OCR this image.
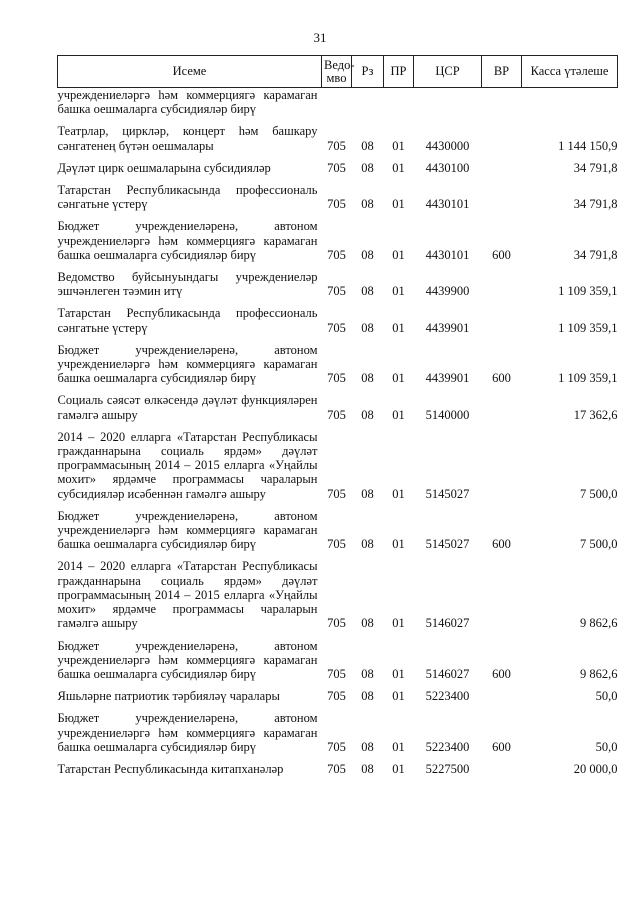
31
Исеме	Ведо-мво	Рз	ПР	ЦСР	ВР	Касса үтәлеше
учреждениеләргә һәм коммерциягә карамаган башка оешмаларга субсидияләр бирү						
Театрлар, циркләр, концерт һәм башкару сәнгатенең бүтән оешмалары	705	08	01	4430000		1 144 150,9
Дәүләт цирк оешмаларына субсидияләр	705	08	01	4430100		34 791,8
Татарстан Республикасында профессиональ сәнгатьне үстерү	705	08	01	4430101		34 791,8
Бюджет учреждениеләренә, автоном учреждениеләргә һәм коммерциягә карамаган башка оешмаларга субсидияләр бирү	705	08	01	4430101	600	34 791,8
Ведомство буйсынуындагы учреждениеләр эшчәнлеген тәэмин итү	705	08	01	4439900		1 109 359,1
Татарстан Республикасында профессиональ сәнгатьне үстерү	705	08	01	4439901		1 109 359,1
Бюджет учреждениеләренә, автоном учреждениеләргә һәм коммерциягә карамаган башка оешмаларга субсидияләр бирү	705	08	01	4439901	600	1 109 359,1
Социаль сәясәт өлкәсендә дәүләт функцияләрен гамәлгә ашыру	705	08	01	5140000		17 362,6
2014 – 2020 елларга «Татарстан Республикасы гражданнарына социаль ярдәм» дәүләт программасының 2014 – 2015 елларга «Уңайлы мохит» ярдәмче программасы чараларын субсидияләр исәбеннән гамәлгә ашыру	705	08	01	5145027		7 500,0
Бюджет учреждениеләренә, автоном учреждениеләргә һәм коммерциягә карамаган башка оешмаларга субсидияләр бирү	705	08	01	5145027	600	7 500,0
2014 – 2020 елларга «Татарстан Республикасы гражданнарына социаль ярдәм» дәүләт программасының 2014 – 2015 елларга «Уңайлы мохит» ярдәмче программасы чараларын гамәлгә ашыру	705	08	01	5146027		9 862,6
Бюджет учреждениеләренә, автоном учреждениеләргә һәм коммерциягә карамаган башка оешмаларга субсидияләр бирү	705	08	01	5146027	600	9 862,6
Яшьләрне патриотик тәрбияләү чаралары	705	08	01	5223400		50,0
Бюджет учреждениеләренә, автоном учреждениеләргә һәм коммерциягә карамаган башка оешмаларга субсидияләр бирү	705	08	01	5223400	600	50,0
Татарстан Республикасында китапханәләр	705	08	01	5227500		20 000,0
